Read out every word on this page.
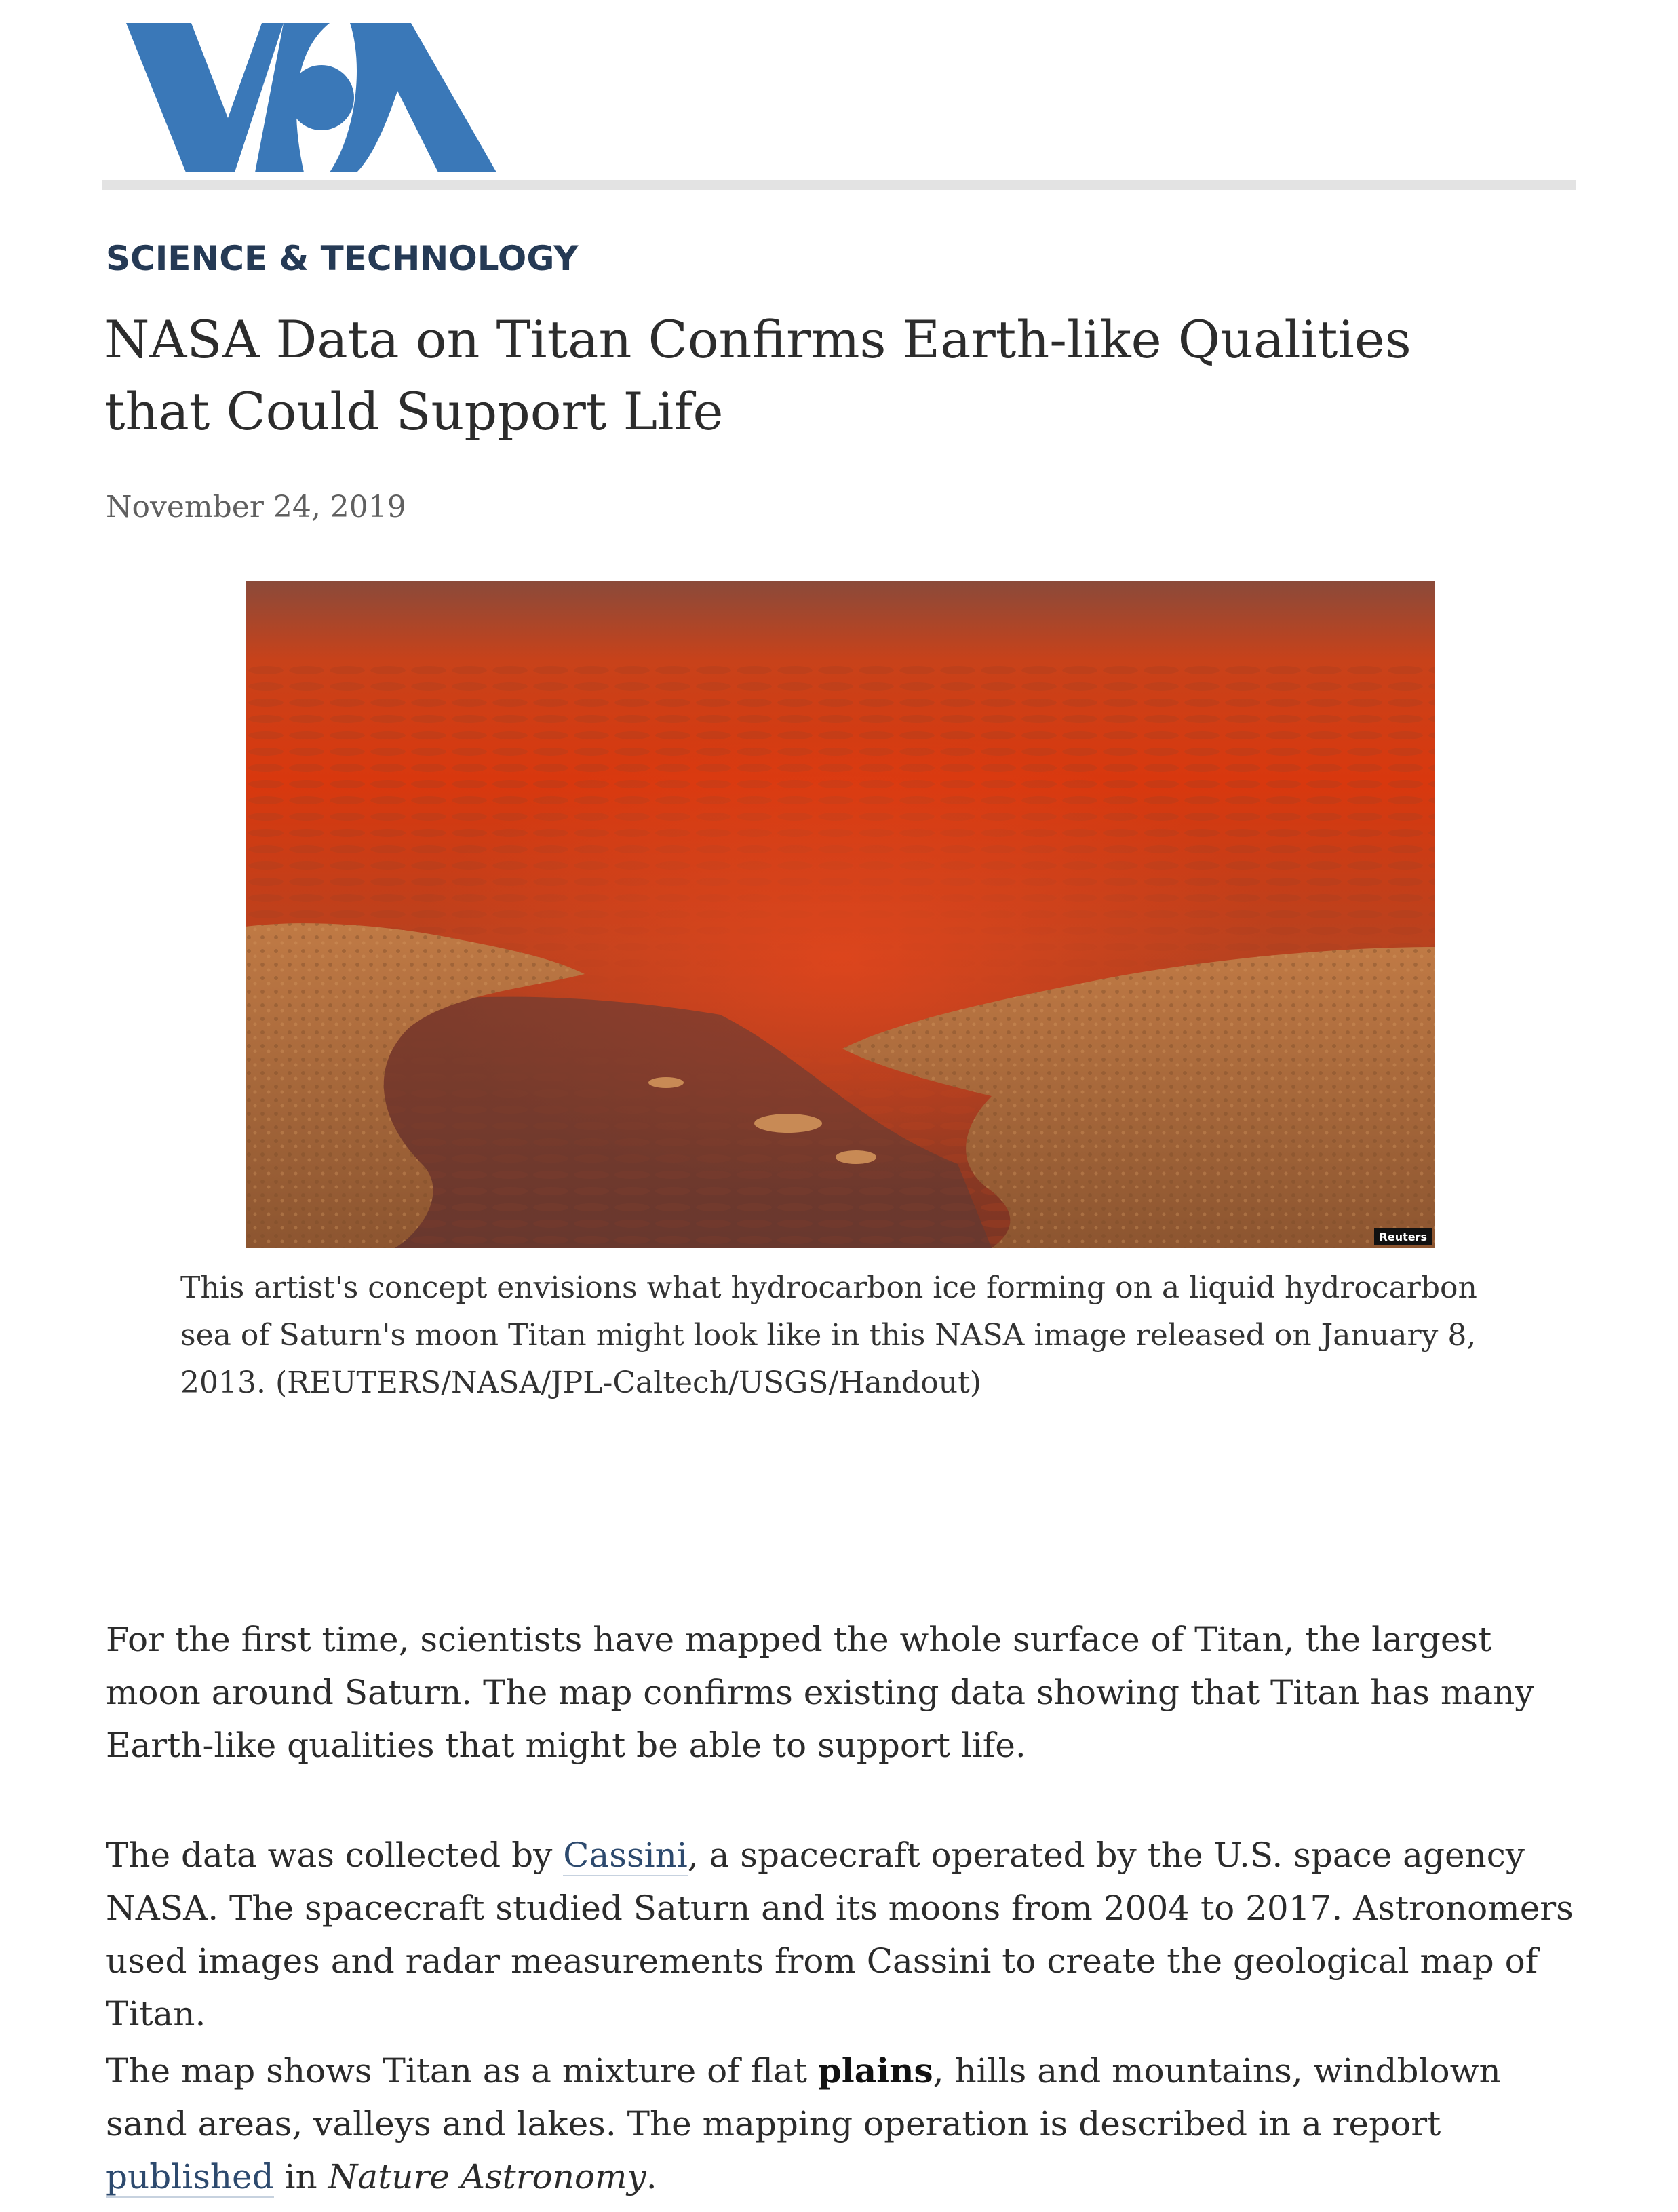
SCIENCE & TECHNOLOGY
NASA Data on Titan Confirms Earth-like Qualities that Could Support Life
November 24, 2019
Reuters
This artist's concept envisions what hydrocarbon ice forming on a liquid hydrocarbon sea of Saturn's moon Titan might look like in this NASA image released on January 8, 2013. (REUTERS/NASA/JPL-Caltech/USGS/Handout)

For the first time, scientists have mapped the whole surface of Titan, the largest moon around Saturn. The map confirms existing data showing that Titan has many Earth-like qualities that might be able to support life.

The data was collected by Cassini, a spacecraft operated by the U.S. space agency NASA. The spacecraft studied Saturn and its moons from 2004 to 2017. Astronomers used images and radar measurements from Cassini to create the geological map of Titan.

The map shows Titan as a mixture of flat plains, hills and mountains, windblown sand areas, valleys and lakes. The mapping operation is described in a report published in Nature Astronomy.
